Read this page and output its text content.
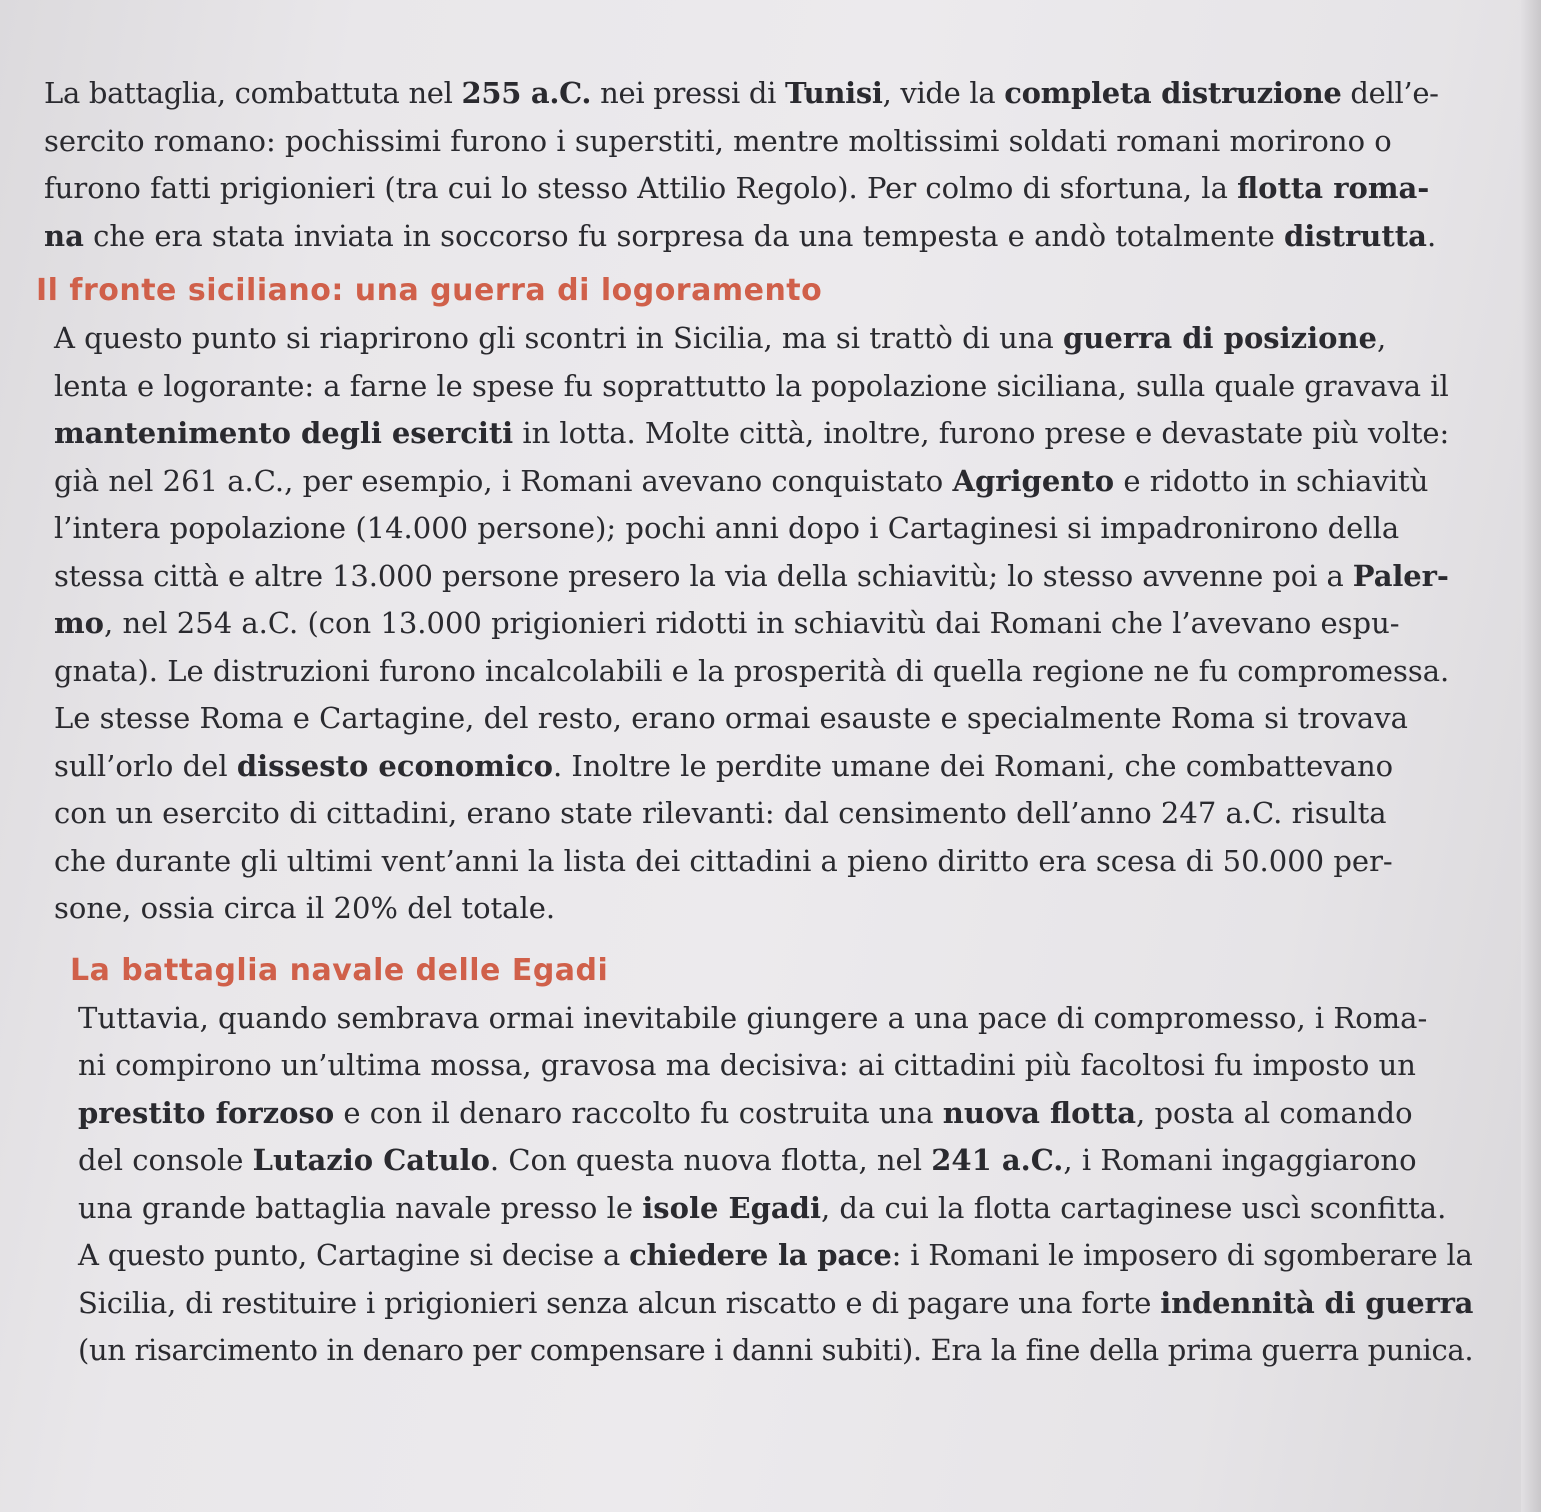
La battaglia, combattuta nel 255 a.C. nei pressi di Tunisi, vide la completa distruzione dell’e-
sercito romano: pochissimi furono i superstiti, mentre moltissimi soldati romani morirono o
furono fatti prigionieri (tra cui lo stesso Attilio Regolo). Per colmo di sfortuna, la flotta roma-
na che era stata inviata in soccorso fu sorpresa da una tempesta e andò totalmente distrutta.

Il fronte siciliano: una guerra di logoramento

A questo punto si riaprirono gli scontri in Sicilia, ma si trattò di una guerra di posizione,
lenta e logorante: a farne le spese fu soprattutto la popolazione siciliana, sulla quale gravava il
mantenimento degli eserciti in lotta. Molte città, inoltre, furono prese e devastate più volte:
già nel 261 a.C., per esempio, i Romani avevano conquistato Agrigento e ridotto in schiavitù
l’intera popolazione (14.000 persone); pochi anni dopo i Cartaginesi si impadronirono della
stessa città e altre 13.000 persone presero la via della schiavitù; lo stesso avvenne poi a Paler-
mo, nel 254 a.C. (con 13.000 prigionieri ridotti in schiavitù dai Romani che l’avevano espu-
gnata). Le distruzioni furono incalcolabili e la prosperità di quella regione ne fu compromessa.
Le stesse Roma e Cartagine, del resto, erano ormai esauste e specialmente Roma si trovava
sull’orlo del dissesto economico. Inoltre le perdite umane dei Romani, che combattevano
con un esercito di cittadini, erano state rilevanti: dal censimento dell’anno 247 a.C. risulta
che durante gli ultimi vent’anni la lista dei cittadini a pieno diritto era scesa di 50.000 per-
sone, ossia circa il 20% del totale.

La battaglia navale delle Egadi

Tuttavia, quando sembrava ormai inevitabile giungere a una pace di compromesso, i Roma-
ni compirono un’ultima mossa, gravosa ma decisiva: ai cittadini più facoltosi fu imposto un
prestito forzoso e con il denaro raccolto fu costruita una nuova flotta, posta al comando
del console Lutazio Catulo. Con questa nuova flotta, nel 241 a.C., i Romani ingaggiarono
una grande battaglia navale presso le isole Egadi, da cui la flotta cartaginese uscì sconfitta.
A questo punto, Cartagine si decise a chiedere la pace: i Romani le imposero di sgomberare la
Sicilia, di restituire i prigionieri senza alcun riscatto e di pagare una forte indennità di guerra
(un risarcimento in denaro per compensare i danni subiti). Era la fine della prima guerra punica.
